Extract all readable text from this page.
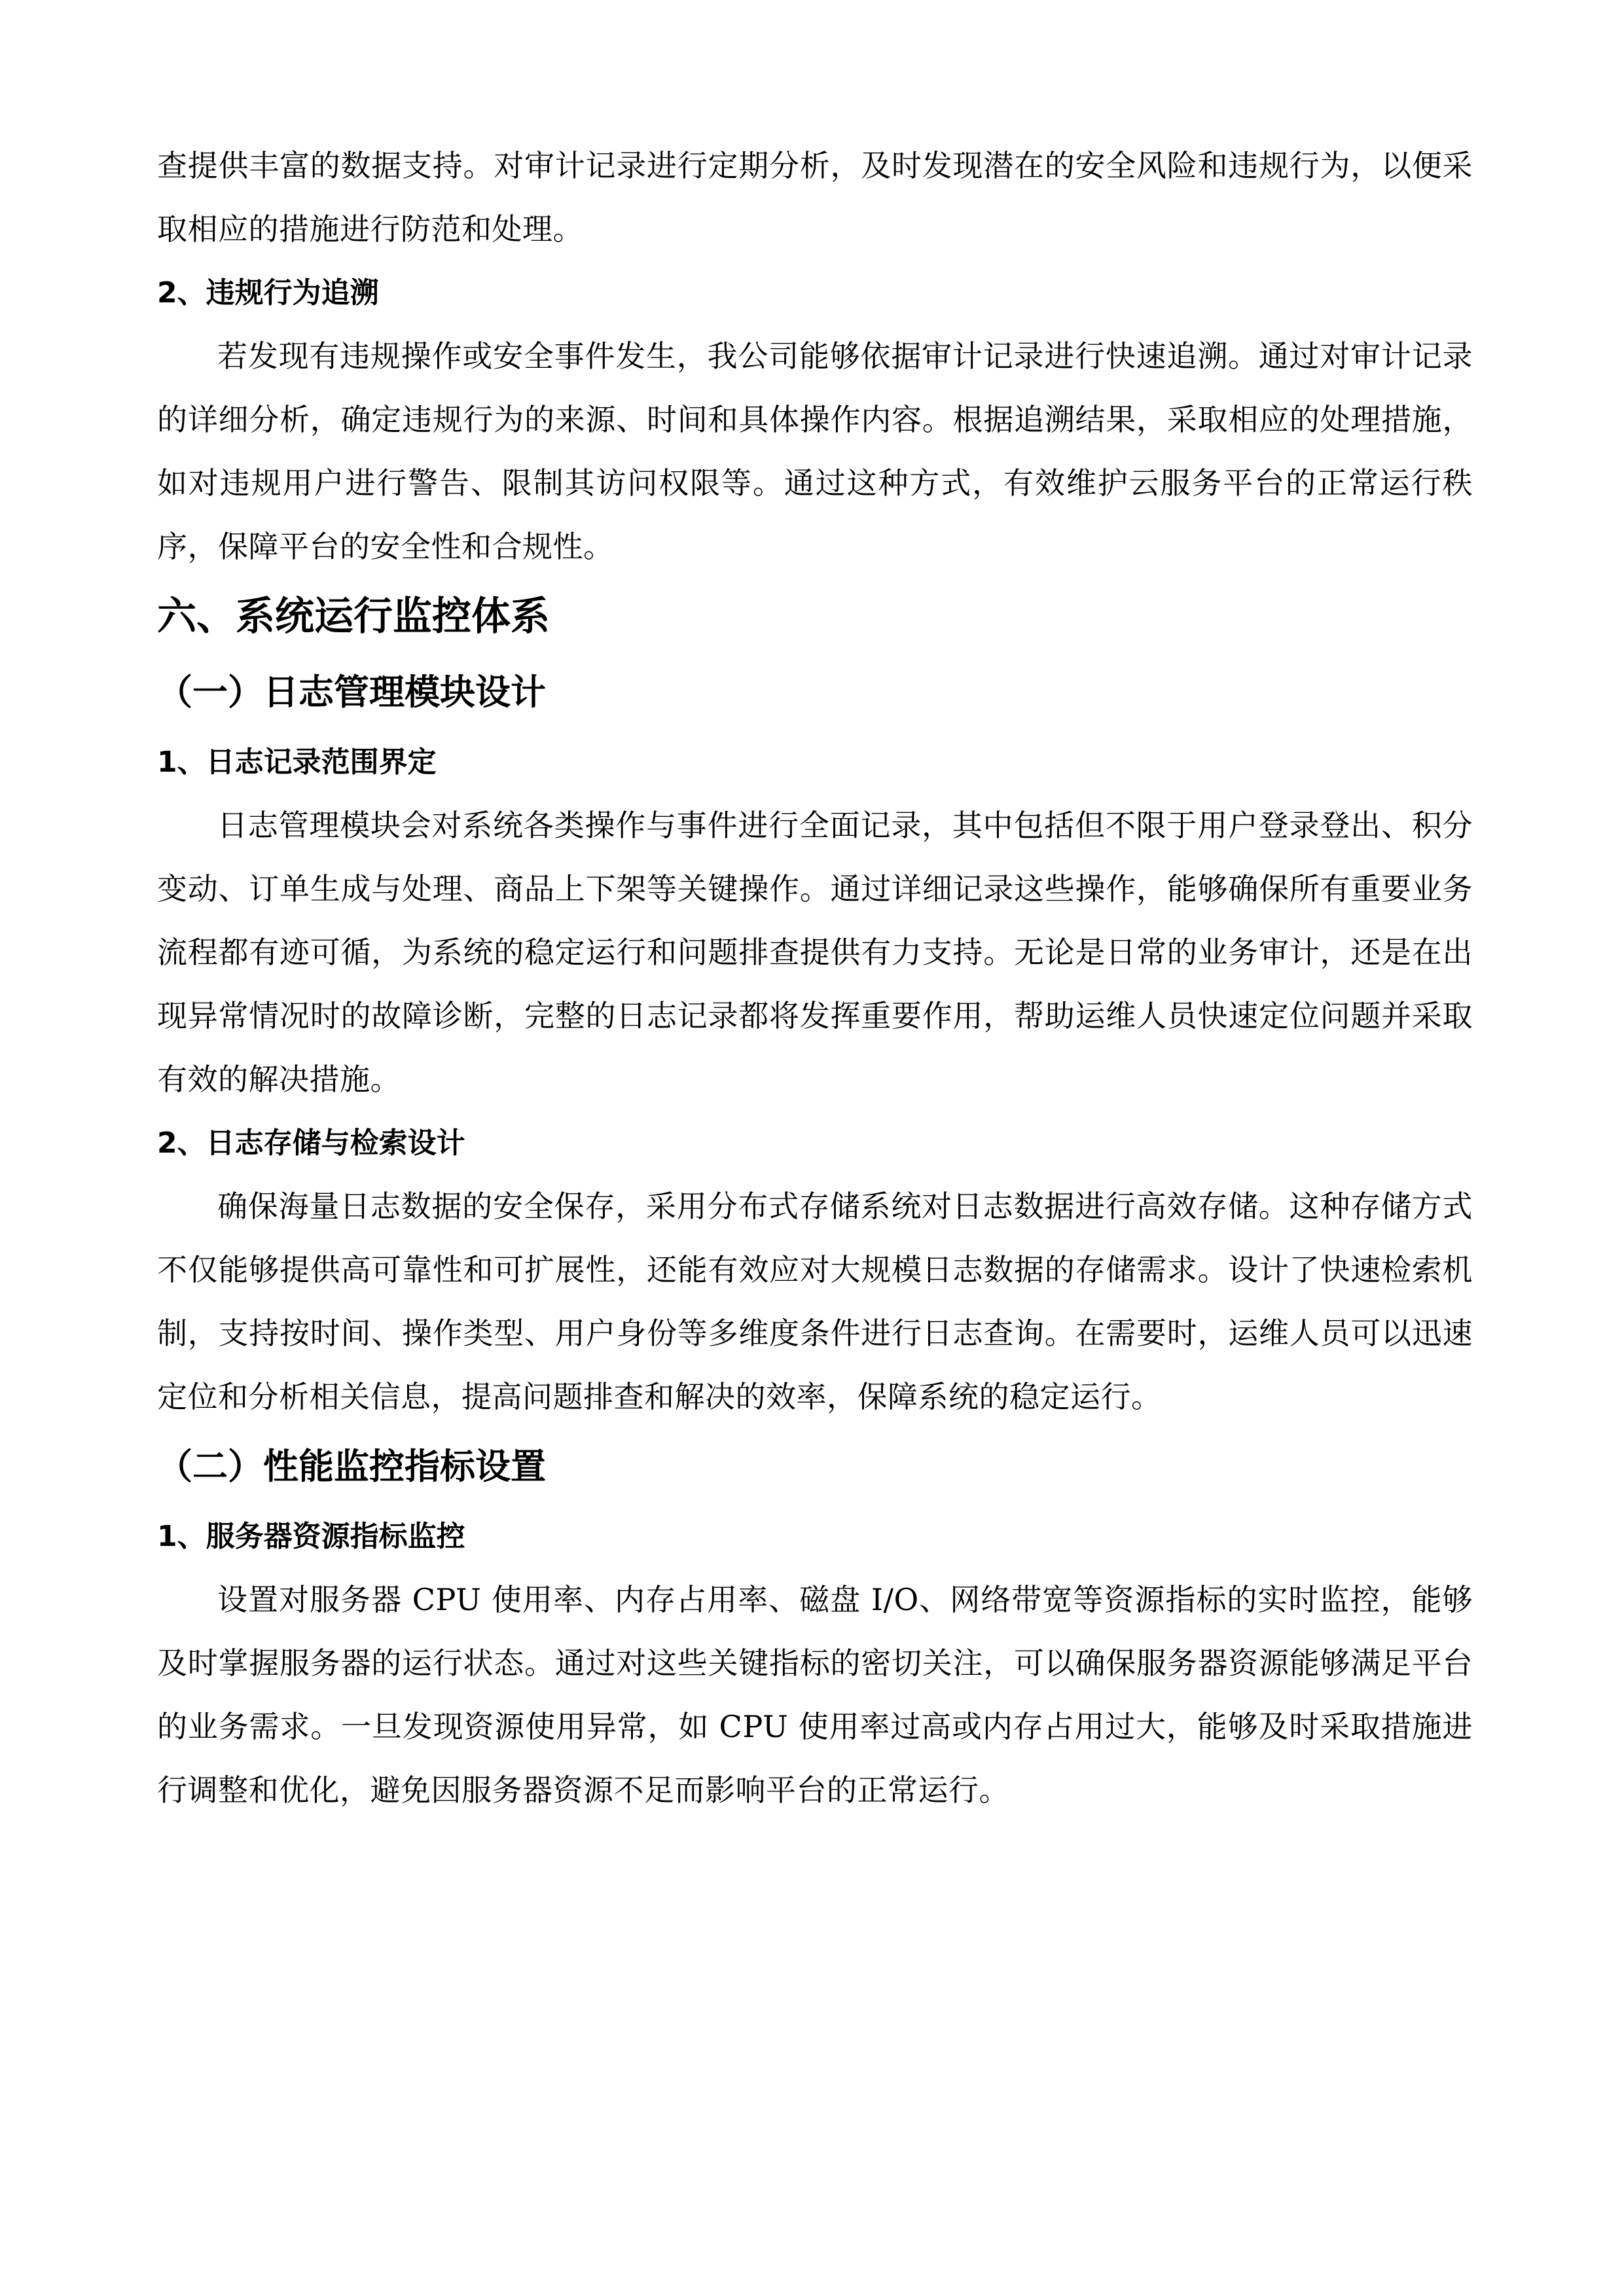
查提供丰富的数据支持。对审计记录进行定期分析，及时发现潜在的安全风险和违规行为，以便采取相应的措施进行防范和处理。

2、违规行为追溯

若发现有违规操作或安全事件发生，我公司能够依据审计记录进行快速追溯。通过对审计记录的详细分析，确定违规行为的来源、时间和具体操作内容。根据追溯结果，采取相应的处理措施，如对违规用户进行警告、限制其访问权限等。通过这种方式，有效维护云服务平台的正常运行秩序，保障平台的安全性和合规性。

六、系统运行监控体系

（一）日志管理模块设计

1、日志记录范围界定

日志管理模块会对系统各类操作与事件进行全面记录，其中包括但不限于用户登录登出、积分变动、订单生成与处理、商品上下架等关键操作。通过详细记录这些操作，能够确保所有重要业务流程都有迹可循，为系统的稳定运行和问题排查提供有力支持。无论是日常的业务审计，还是在出现异常情况时的故障诊断，完整的日志记录都将发挥重要作用，帮助运维人员快速定位问题并采取有效的解决措施。

2、日志存储与检索设计

确保海量日志数据的安全保存，采用分布式存储系统对日志数据进行高效存储。这种存储方式不仅能够提供高可靠性和可扩展性，还能有效应对大规模日志数据的存储需求。设计了快速检索机制，支持按时间、操作类型、用户身份等多维度条件进行日志查询。在需要时，运维人员可以迅速定位和分析相关信息，提高问题排查和解决的效率，保障系统的稳定运行。

（二）性能监控指标设置

1、服务器资源指标监控

设置对服务器 CPU 使用率、内存占用率、磁盘 I/O、网络带宽等资源指标的实时监控，能够及时掌握服务器的运行状态。通过对这些关键指标的密切关注，可以确保服务器资源能够满足平台的业务需求。一旦发现资源使用异常，如 CPU 使用率过高或内存占用过大，能够及时采取措施进行调整和优化，避免因服务器资源不足而影响平台的正常运行。
